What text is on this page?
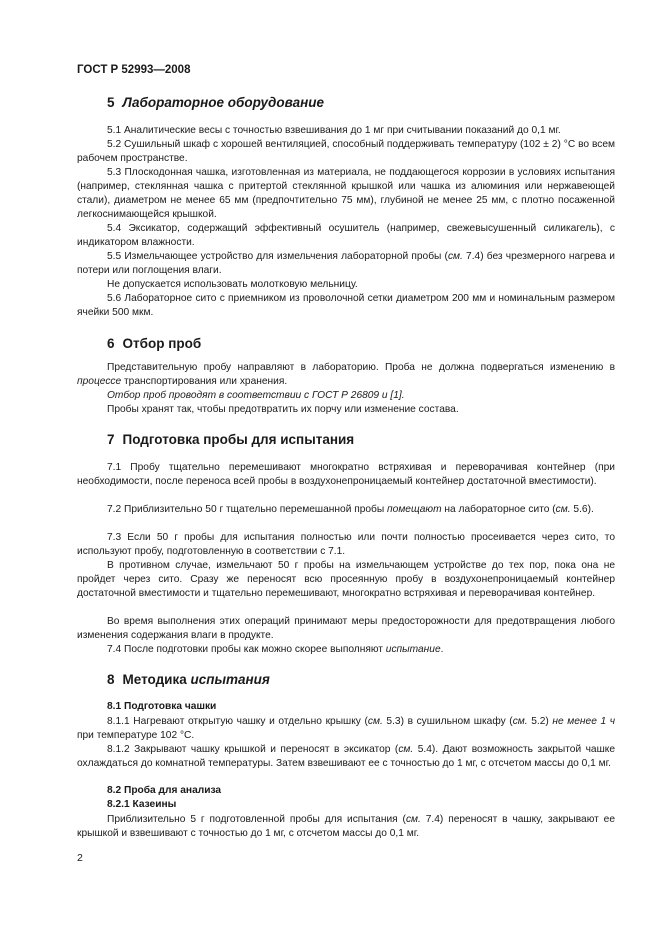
ГОСТ Р 52993—2008
5 Лабораторное оборудование
5.1 Аналитические весы с точностью взвешивания до 1 мг при считывании показаний до 0,1 мг.
5.2 Сушильный шкаф с хорошей вентиляцией, способный поддерживать температуру (102 ± 2) °С во всем рабочем пространстве.
5.3 Плоскодонная чашка, изготовленная из материала, не поддающегося коррозии в условиях испытания (например, стеклянная чашка с притертой стеклянной крышкой или чашка из алюминия или нержавеющей стали), диаметром не менее 65 мм (предпочтительно 75 мм), глубиной не менее 25 мм, с плотно посаженной легкоснимающейся крышкой.
5.4 Эксикатор, содержащий эффективный осушитель (например, свежевысушенный силикагель), с индикатором влажности.
5.5 Измельчающее устройство для измельчения лабораторной пробы (см. 7.4) без чрезмерного нагрева и потери или поглощения влаги.
Не допускается использовать молотковую мельницу.
5.6 Лабораторное сито с приемником из проволочной сетки диаметром 200 мм и номинальным размером ячейки 500 мкм.
6 Отбор проб
Представительную пробу направляют в лабораторию. Проба не должна подвергаться изменению в процессе транспортирования или хранения.
Отбор проб проводят в соответствии с ГОСТ Р 26809 и [1].
Пробы хранят так, чтобы предотвратить их порчу или изменение состава.
7 Подготовка пробы для испытания
7.1 Пробу тщательно перемешивают многократно встряхивая и переворачивая контейнер (при необходимости, после переноса всей пробы в воздухонепроницаемый контейнер достаточной вместимости).
7.2 Приблизительно 50 г тщательно перемешанной пробы помещают на лабораторное сито (см. 5.6).
7.3 Если 50 г пробы для испытания полностью или почти полностью просеивается через сито, то используют пробу, подготовленную в соответствии с 7.1.
В противном случае, измельчают 50 г пробы на измельчающем устройстве до тех пор, пока она не пройдет через сито. Сразу же переносят всю просеянную пробу в воздухонепроницаемый контейнер достаточной вместимости и тщательно перемешивают, многократно встряхивая и переворачивая контейнер.
Во время выполнения этих операций принимают меры предосторожности для предотвращения любого изменения содержания влаги в продукте.
7.4 После подготовки пробы как можно скорее выполняют испытание.
8 Методика испытания
8.1 Подготовка чашки
8.1.1 Нагревают открытую чашку и отдельно крышку (см. 5.3) в сушильном шкафу (см. 5.2) не менее 1 ч при температуре 102 °С.
8.1.2 Закрывают чашку крышкой и переносят в эксикатор (см. 5.4). Дают возможность закрытой чашке охлаждаться до комнатной температуры. Затем взвешивают ее с точностью до 1 мг, с отсчетом массы до 0,1 мг.
8.2 Проба для анализа
8.2.1 Казеины
Приблизительно 5 г подготовленной пробы для испытания (см. 7.4) переносят в чашку, закрывают ее крышкой и взвешивают с точностью до 1 мг, с отсчетом массы до 0,1 мг.
2
